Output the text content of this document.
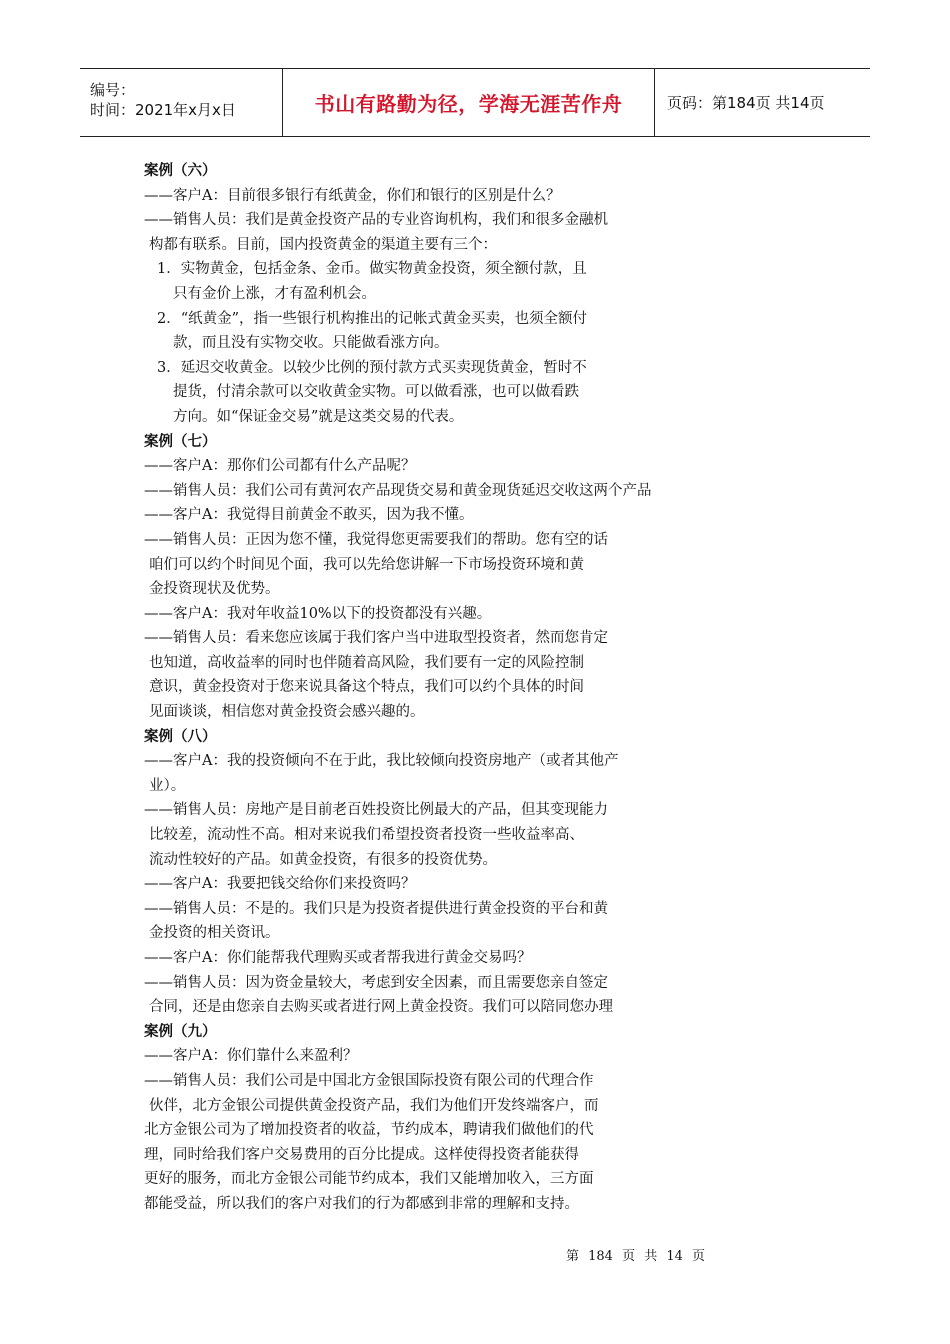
编号：
时间：2021年x月x日	书山有路勤为径，学海无涯苦作舟	页码：第184页 共14页
案例（六）
——客户A：目前很多银行有纸黄金，你们和银行的区别是什么？
——销售人员：我们是黄金投资产品的专业咨询机构，我们和很多金融机
构都有联系。目前，国内投资黄金的渠道主要有三个：
1．实物黄金，包括金条、金币。做实物黄金投资，须全额付款，且
只有金价上涨，才有盈利机会。
2．“纸黄金”，指一些银行机构推出的记帐式黄金买卖，也须全额付
款，而且没有实物交收。只能做看涨方向。
3．延迟交收黄金。以较少比例的预付款方式买卖现货黄金，暂时不
提货，付清余款可以交收黄金实物。可以做看涨，也可以做看跌
方向。如“保证金交易”就是这类交易的代表。
案例（七）
——客户A：那你们公司都有什么产品呢？
——销售人员：我们公司有黄河农产品现货交易和黄金现货延迟交收这两个产品
——客户A：我觉得目前黄金不敢买，因为我不懂。
——销售人员：正因为您不懂，我觉得您更需要我们的帮助。您有空的话
咱们可以约个时间见个面，我可以先给您讲解一下市场投资环境和黄
金投资现状及优势。
——客户A：我对年收益10%以下的投资都没有兴趣。
——销售人员：看来您应该属于我们客户当中进取型投资者，然而您肯定
也知道，高收益率的同时也伴随着高风险，我们要有一定的风险控制
意识，黄金投资对于您来说具备这个特点，我们可以约个具体的时间
见面谈谈，相信您对黄金投资会感兴趣的。
案例（八）
——客户A：我的投资倾向不在于此，我比较倾向投资房地产（或者其他产
业）。
——销售人员：房地产是目前老百姓投资比例最大的产品，但其变现能力
比较差，流动性不高。相对来说我们希望投资者投资一些收益率高、
流动性较好的产品。如黄金投资，有很多的投资优势。
——客户A：我要把钱交给你们来投资吗？
——销售人员：不是的。我们只是为投资者提供进行黄金投资的平台和黄
金投资的相关资讯。
——客户A：你们能帮我代理购买或者帮我进行黄金交易吗？
——销售人员：因为资金量较大，考虑到安全因素，而且需要您亲自签定
合同，还是由您亲自去购买或者进行网上黄金投资。我们可以陪同您办理
案例（九）
——客户A：你们靠什么来盈利？
——销售人员：我们公司是中国北方金银国际投资有限公司的代理合作
伙伴，北方金银公司提供黄金投资产品，我们为他们开发终端客户，而
北方金银公司为了增加投资者的收益，节约成本，聘请我们做他们的代
理，同时给我们客户交易费用的百分比提成。这样使得投资者能获得
更好的服务，而北方金银公司能节约成本，我们又能增加收入，三方面
都能受益，所以我们的客户对我们的行为都感到非常的理解和支持。
第 184 页 共 14 页
